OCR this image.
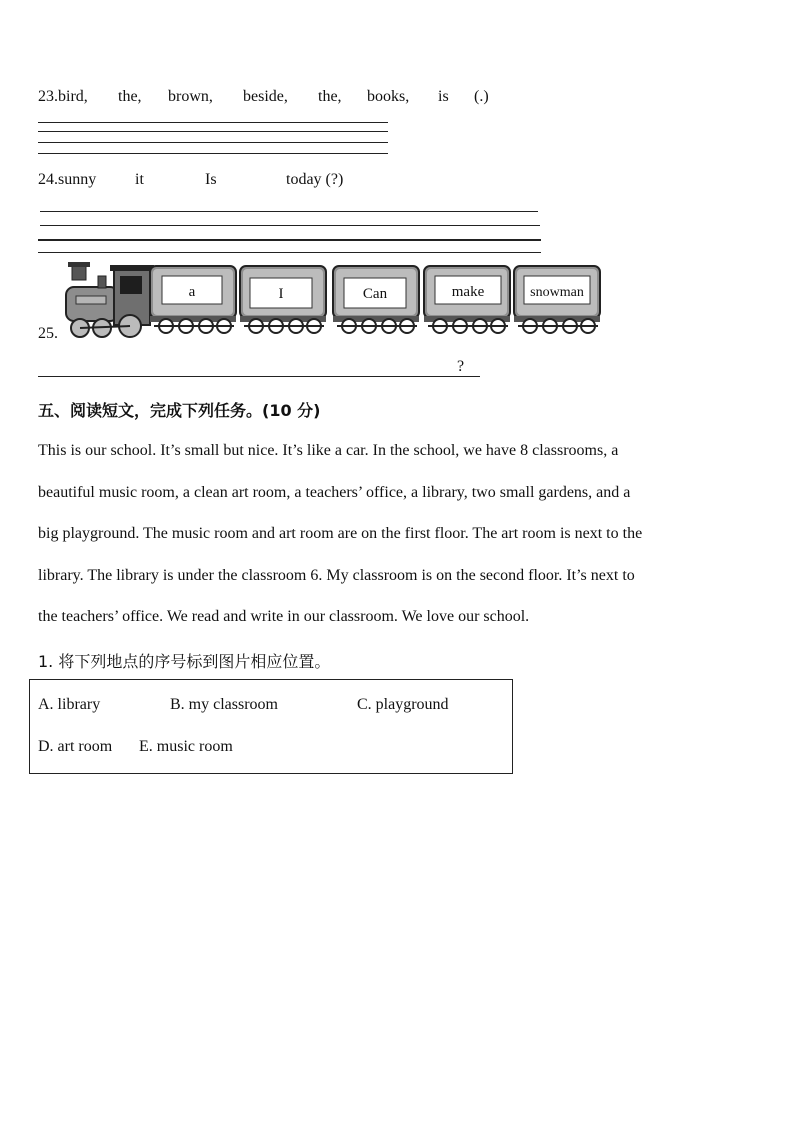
23.bird,	the, brown, beside, the, books, is (.)
24.sunny it	Is	today (?)
25.
a	I	Can	make	snowman
?
五、阅读短文，完成下列任务。(10 分)
This is our school. It’s small but nice. It’s like a car. In the school, we have 8 classrooms, a
beautiful music room, a clean art room, a teachers’ office, a library, two small gardens, and a
big playground. The music room and art room are on the first floor. The art room is next to the
library. The library is under the classroom 6. My classroom is on the second floor. It’s next to
the teachers’ office. We read and write in our classroom. We love our school.
1. 将下列地点的序号标到图片相应位置。
A. library	B. my classroom	C. playground
D. art room E. music room
